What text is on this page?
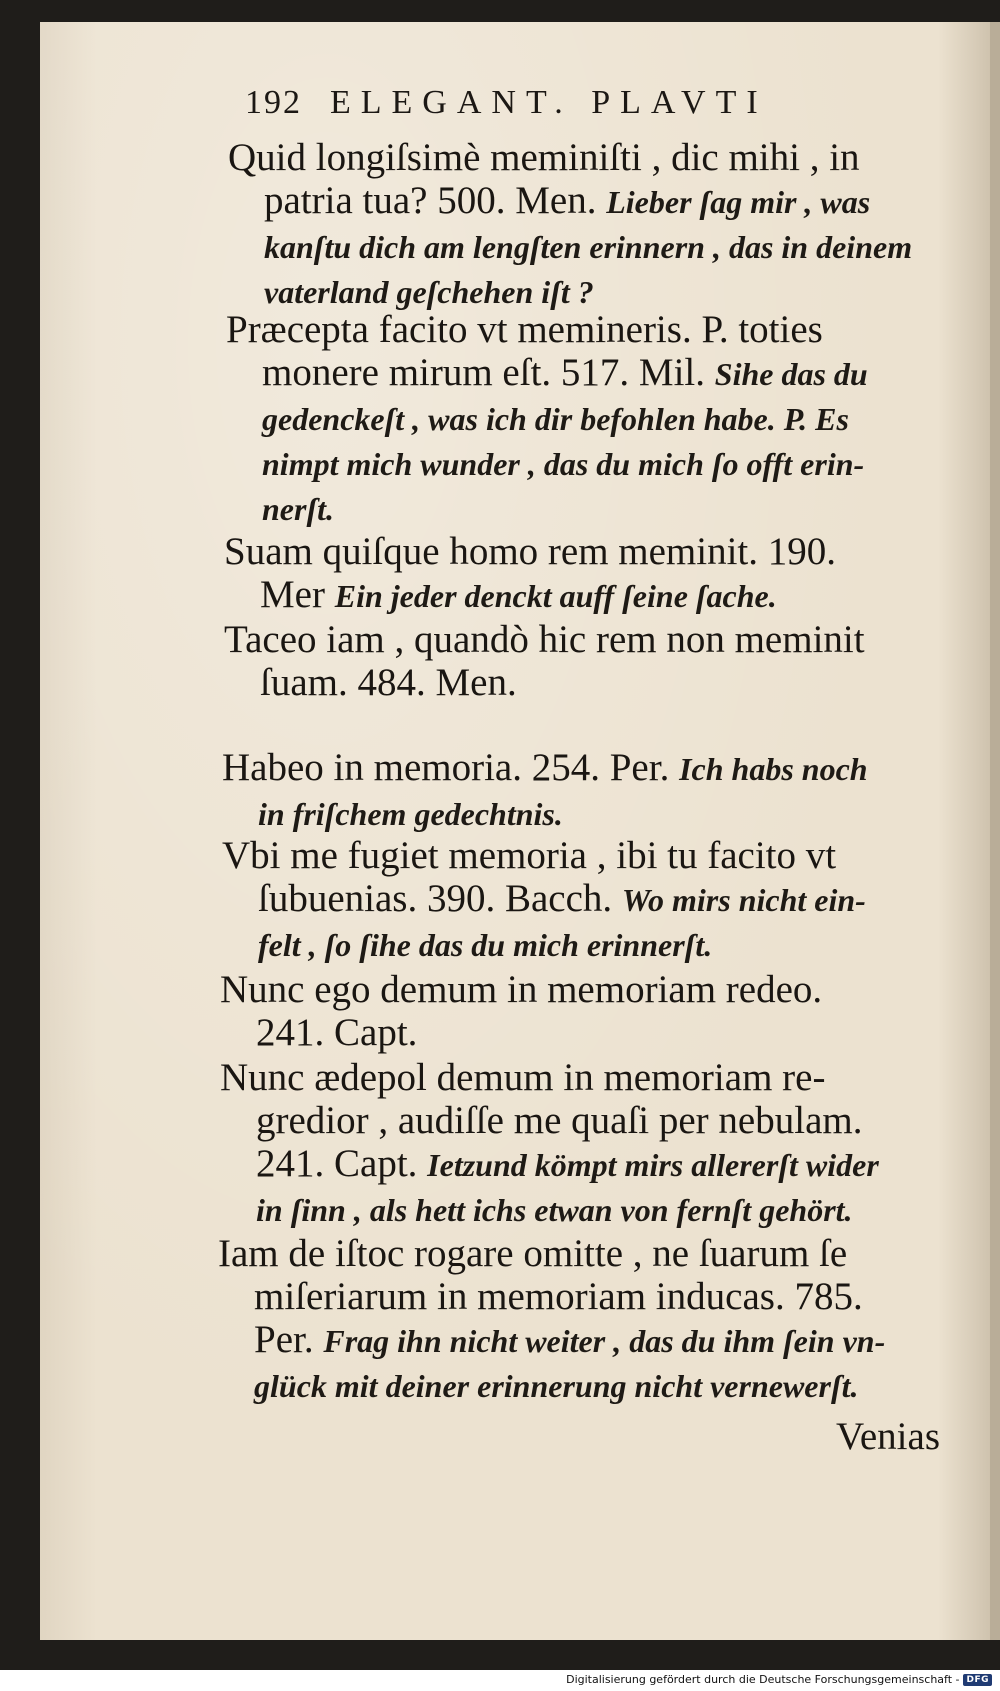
192 ELEGANT. PLAVTI
Quid longiſsimè meminiſti , dic mihi , in
patria tua? 500. Men. Lieber ſag mir , was
kanſtu dich am lengſten erinnern , das in deinem
vaterland geſchehen iſt ?
Præcepta facito vt memineris. P. toties
monere mirum eſt. 517. Mil. Sihe das du
gedenckeſt , was ich dir befohlen habe. P. Es
nimpt mich wunder , das du mich ſo offt erin-
nerſt.
Suam quiſque homo rem meminit. 190.
Mer Ein jeder denckt auff ſeine ſache.
Taceo iam , quandò hic rem non meminit
ſuam. 484. Men.
Habeo in memoria. 254. Per. Ich habs noch
in friſchem gedechtnis.
Vbi me fugiet memoria , ibi tu facito vt
ſubuenias. 390. Bacch. Wo mirs nicht ein-
felt , ſo ſihe das du mich erinnerſt.
Nunc ego demum in memoriam redeo.
241. Capt.
Nunc ædepol demum in memoriam re-
gredior , audiſſe me quaſi per nebulam.
241. Capt. Ietzund kömpt mirs allererſt wider
in ſinn , als hett ichs etwan von fernſt gehört.
Iam de iſtoc rogare omitte , ne ſuarum ſe
miſeriarum in memoriam inducas. 785.
Per. Frag ihn nicht weiter , das du ihm ſein vn-
glück mit deiner erinnerung nicht vernewerſt.
Venias
Digitalisierung gefördert durch die Deutsche Forschungsgemeinschaft - DFG
